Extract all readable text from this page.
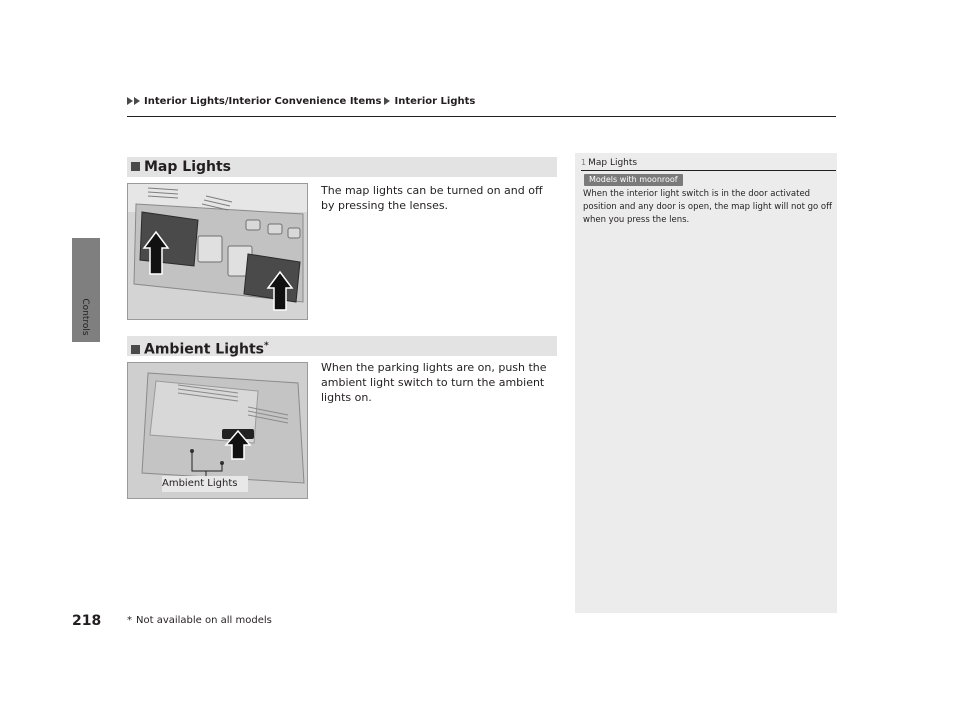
Interior Lights/Interior Convenience Items Interior Lights
Controls
Map Lights
The map lights can be turned on and off by pressing the lenses.
Ambient Lights*
Ambient Lights
When the parking lights are on, push the ambient light switch to turn the ambient lights on.
1 Map Lights
Models with moonroof
When the interior light switch is in the door activated position and any door is open, the map light will not go off when you press the lens.
218	* Not available on all models
